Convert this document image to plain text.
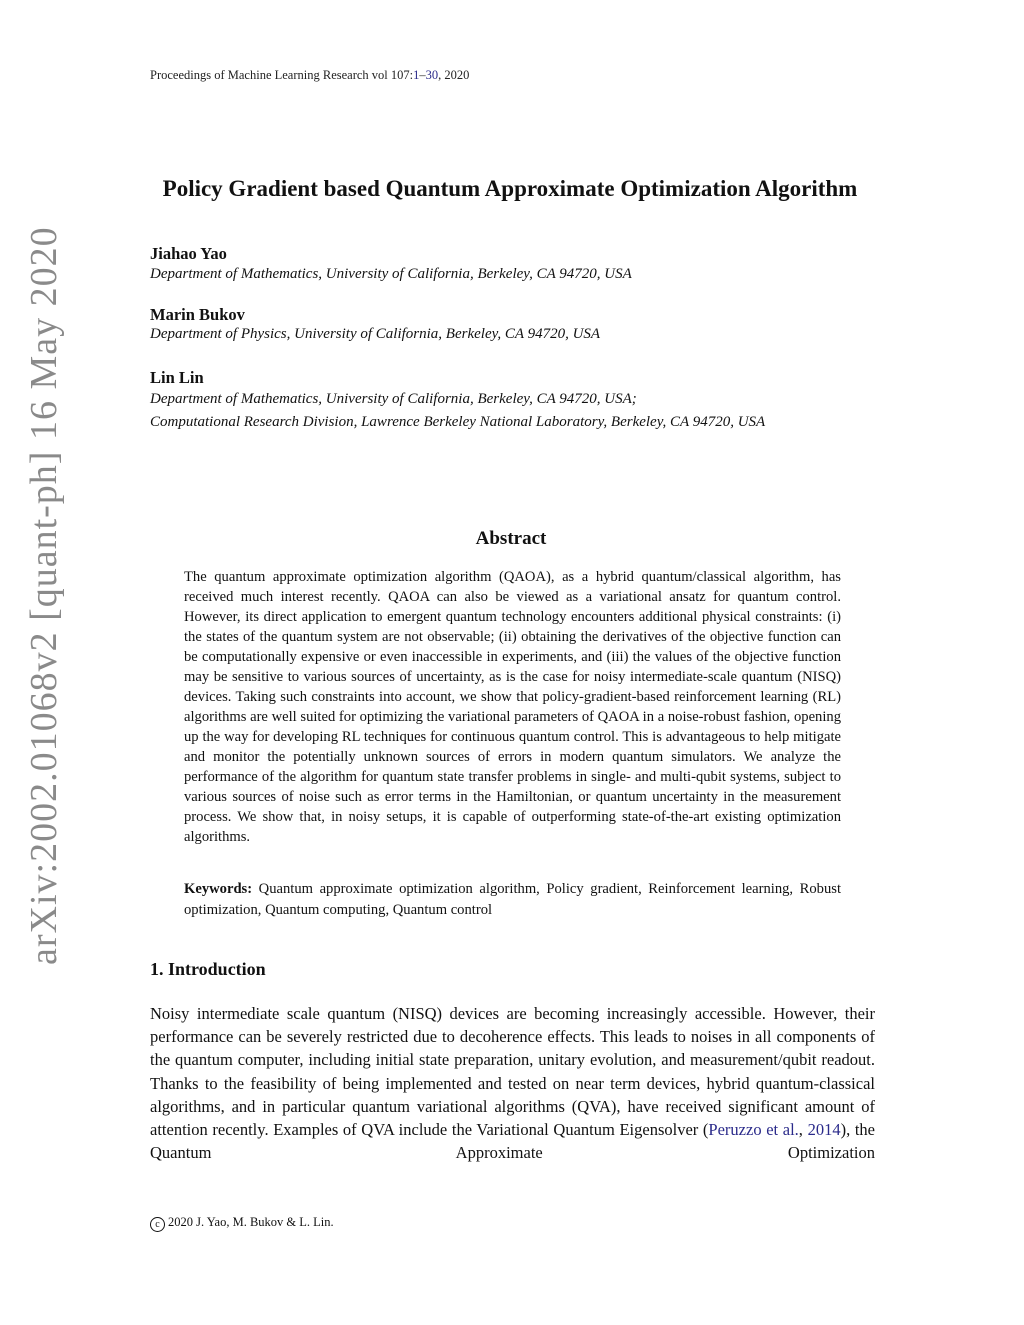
Proceedings of Machine Learning Research vol 107:1–30, 2020
arXiv:2002.01068v2 [quant-ph] 16 May 2020
Policy Gradient based Quantum Approximate Optimization Algorithm
Jiahao Yao
Department of Mathematics, University of California, Berkeley, CA 94720, USA
Marin Bukov
Department of Physics, University of California, Berkeley, CA 94720, USA
Lin Lin
Department of Mathematics, University of California, Berkeley, CA 94720, USA;
Computational Research Division, Lawrence Berkeley National Laboratory, Berkeley, CA 94720, USA
Abstract

The quantum approximate optimization algorithm (QAOA), as a hybrid quantum/classical algorithm, has received much interest recently. QAOA can also be viewed as a variational ansatz for quantum control. However, its direct application to emergent quantum technology encounters additional physical constraints: (i) the states of the quantum system are not observable; (ii) obtaining the derivatives of the objective function can be computationally expensive or even inaccessible in experiments, and (iii) the values of the objective function may be sensitive to various sources of uncertainty, as is the case for noisy intermediate-scale quantum (NISQ) devices. Taking such constraints into account, we show that policy-gradient-based reinforcement learning (RL) algorithms are well suited for optimizing the variational parameters of QAOA in a noise-robust fashion, opening up the way for developing RL techniques for continuous quantum control. This is advantageous to help mitigate and monitor the potentially unknown sources of errors in modern quantum simulators. We analyze the performance of the algorithm for quantum state transfer problems in single- and multi-qubit systems, subject to various sources of noise such as error terms in the Hamiltonian, or quantum uncertainty in the measurement process. We show that, in noisy setups, it is capable of outperforming state-of-the-art existing optimization algorithms.

Keywords: Quantum approximate optimization algorithm, Policy gradient, Reinforcement learning, Robust optimization, Quantum computing, Quantum control

1. Introduction

Noisy intermediate scale quantum (NISQ) devices are becoming increasingly accessible. However, their performance can be severely restricted due to decoherence effects. This leads to noises in all components of the quantum computer, including initial state preparation, unitary evolution, and measurement/qubit readout. Thanks to the feasibility of being implemented and tested on near term devices, hybrid quantum-classical algorithms, and in particular quantum variational algorithms (QVA), have received significant amount of attention recently. Examples of QVA include the Variational Quantum Eigensolver (Peruzzo et al., 2014), the Quantum Approximate Optimization

c 2020 J. Yao, M. Bukov & L. Lin.
